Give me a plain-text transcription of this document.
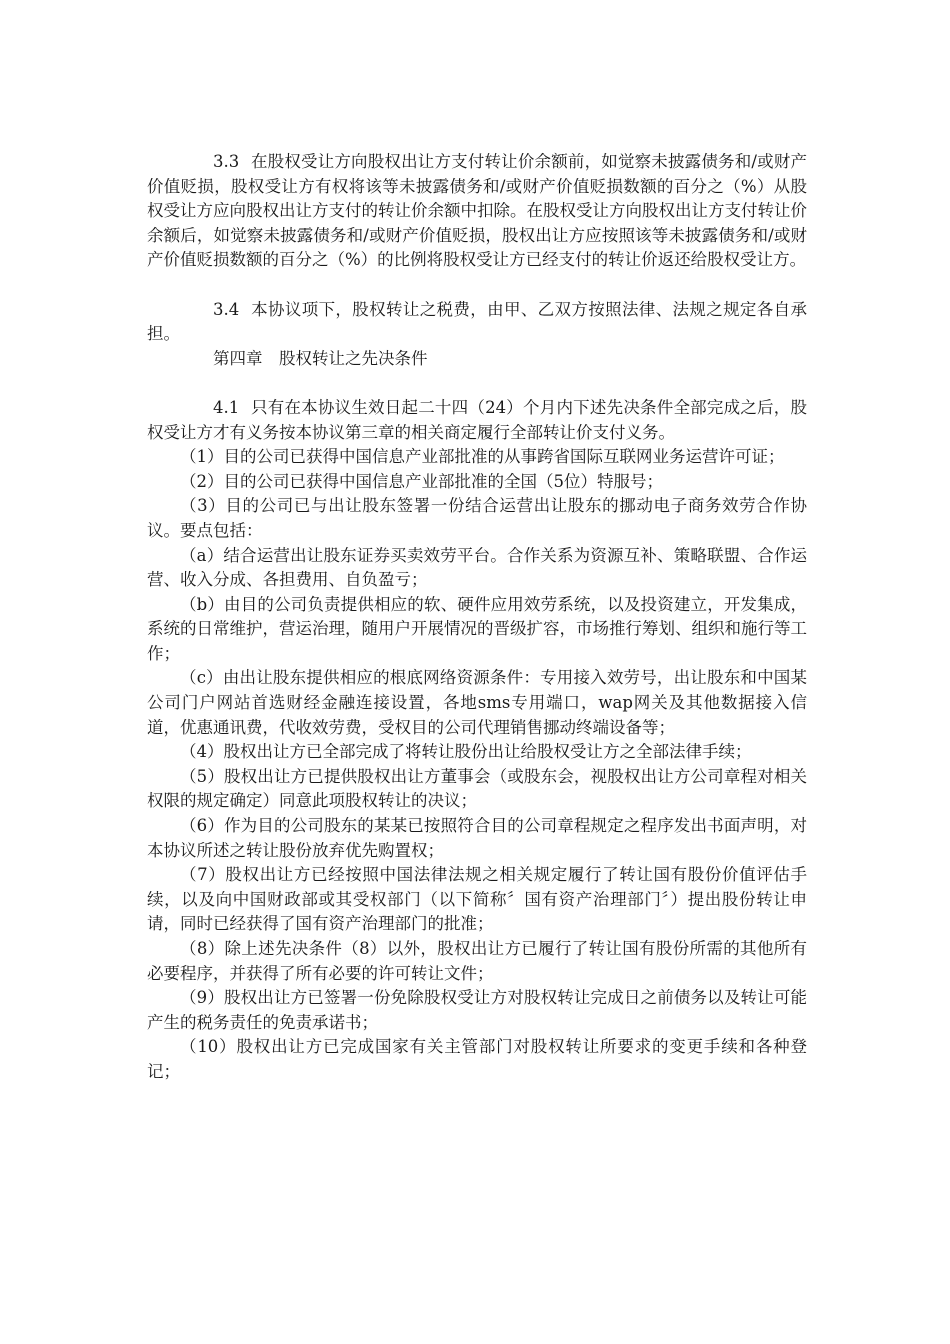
3.3 在股权受让方向股权出让方支付转让价余额前，如觉察未披露债务和/或财产价值贬损，股权受让方有权将该等未披露债务和/或财产价值贬损数额的百分之（%）从股权受让方应向股权出让方支付的转让价余额中扣除。在股权受让方向股权出让方支付转让价余额后，如觉察未披露债务和/或财产价值贬损，股权出让方应按照该等未披露债务和/或财产价值贬损数额的百分之（%）的比例将股权受让方已经支付的转让价返还给股权受让方。

3.4 本协议项下，股权转让之税费，由甲、乙双方按照法律、法规之规定各自承担。

第四章 股权转让之先决条件

4.1 只有在本协议生效日起二十四（24）个月内下述先决条件全部完成之后，股权受让方才有义务按本协议第三章的相关商定履行全部转让价支付义务。

（1）目的公司已获得中国信息产业部批准的从事跨省国际互联网业务运营许可证；

（2）目的公司已获得中国信息产业部批准的全国（5位）特服号；

（3）目的公司已与出让股东签署一份结合运营出让股东的挪动电子商务效劳合作协议。要点包括：

（a）结合运营出让股东证券买卖效劳平台。合作关系为资源互补、策略联盟、合作运营、收入分成、各担费用、自负盈亏；

（b）由目的公司负责提供相应的软、硬件应用效劳系统，以及投资建立，开发集成，系统的日常维护，营运治理，随用户开展情况的晋级扩容，市场推行筹划、组织和施行等工作；

（c）由出让股东提供相应的根底网络资源条件：专用接入效劳号，出让股东和中国某公司门户网站首选财经金融连接设置，各地sms专用端口，wap网关及其他数据接入信道，优惠通讯费，代收效劳费，受权目的公司代理销售挪动终端设备等；

（4）股权出让方已全部完成了将转让股份出让给股权受让方之全部法律手续；

（5）股权出让方已提供股权出让方董事会（或股东会，视股权出让方公司章程对相关权限的规定确定）同意此项股权转让的决议；

（6）作为目的公司股东的某某已按照符合目的公司章程规定之程序发出书面声明，对本协议所述之转让股份放弃优先购置权；

（7）股权出让方已经按照中国法律法规之相关规定履行了转让国有股份价值评估手续，以及向中国财政部或其受权部门（以下简称〞国有资产治理部门〞）提出股份转让申请，同时已经获得了国有资产治理部门的批准；

（8）除上述先决条件（8）以外，股权出让方已履行了转让国有股份所需的其他所有必要程序，并获得了所有必要的许可转让文件；

（9）股权出让方已签署一份免除股权受让方对股权转让完成日之前债务以及转让可能产生的税务责任的免责承诺书；

（10）股权出让方已完成国家有关主管部门对股权转让所要求的变更手续和各种登记；
